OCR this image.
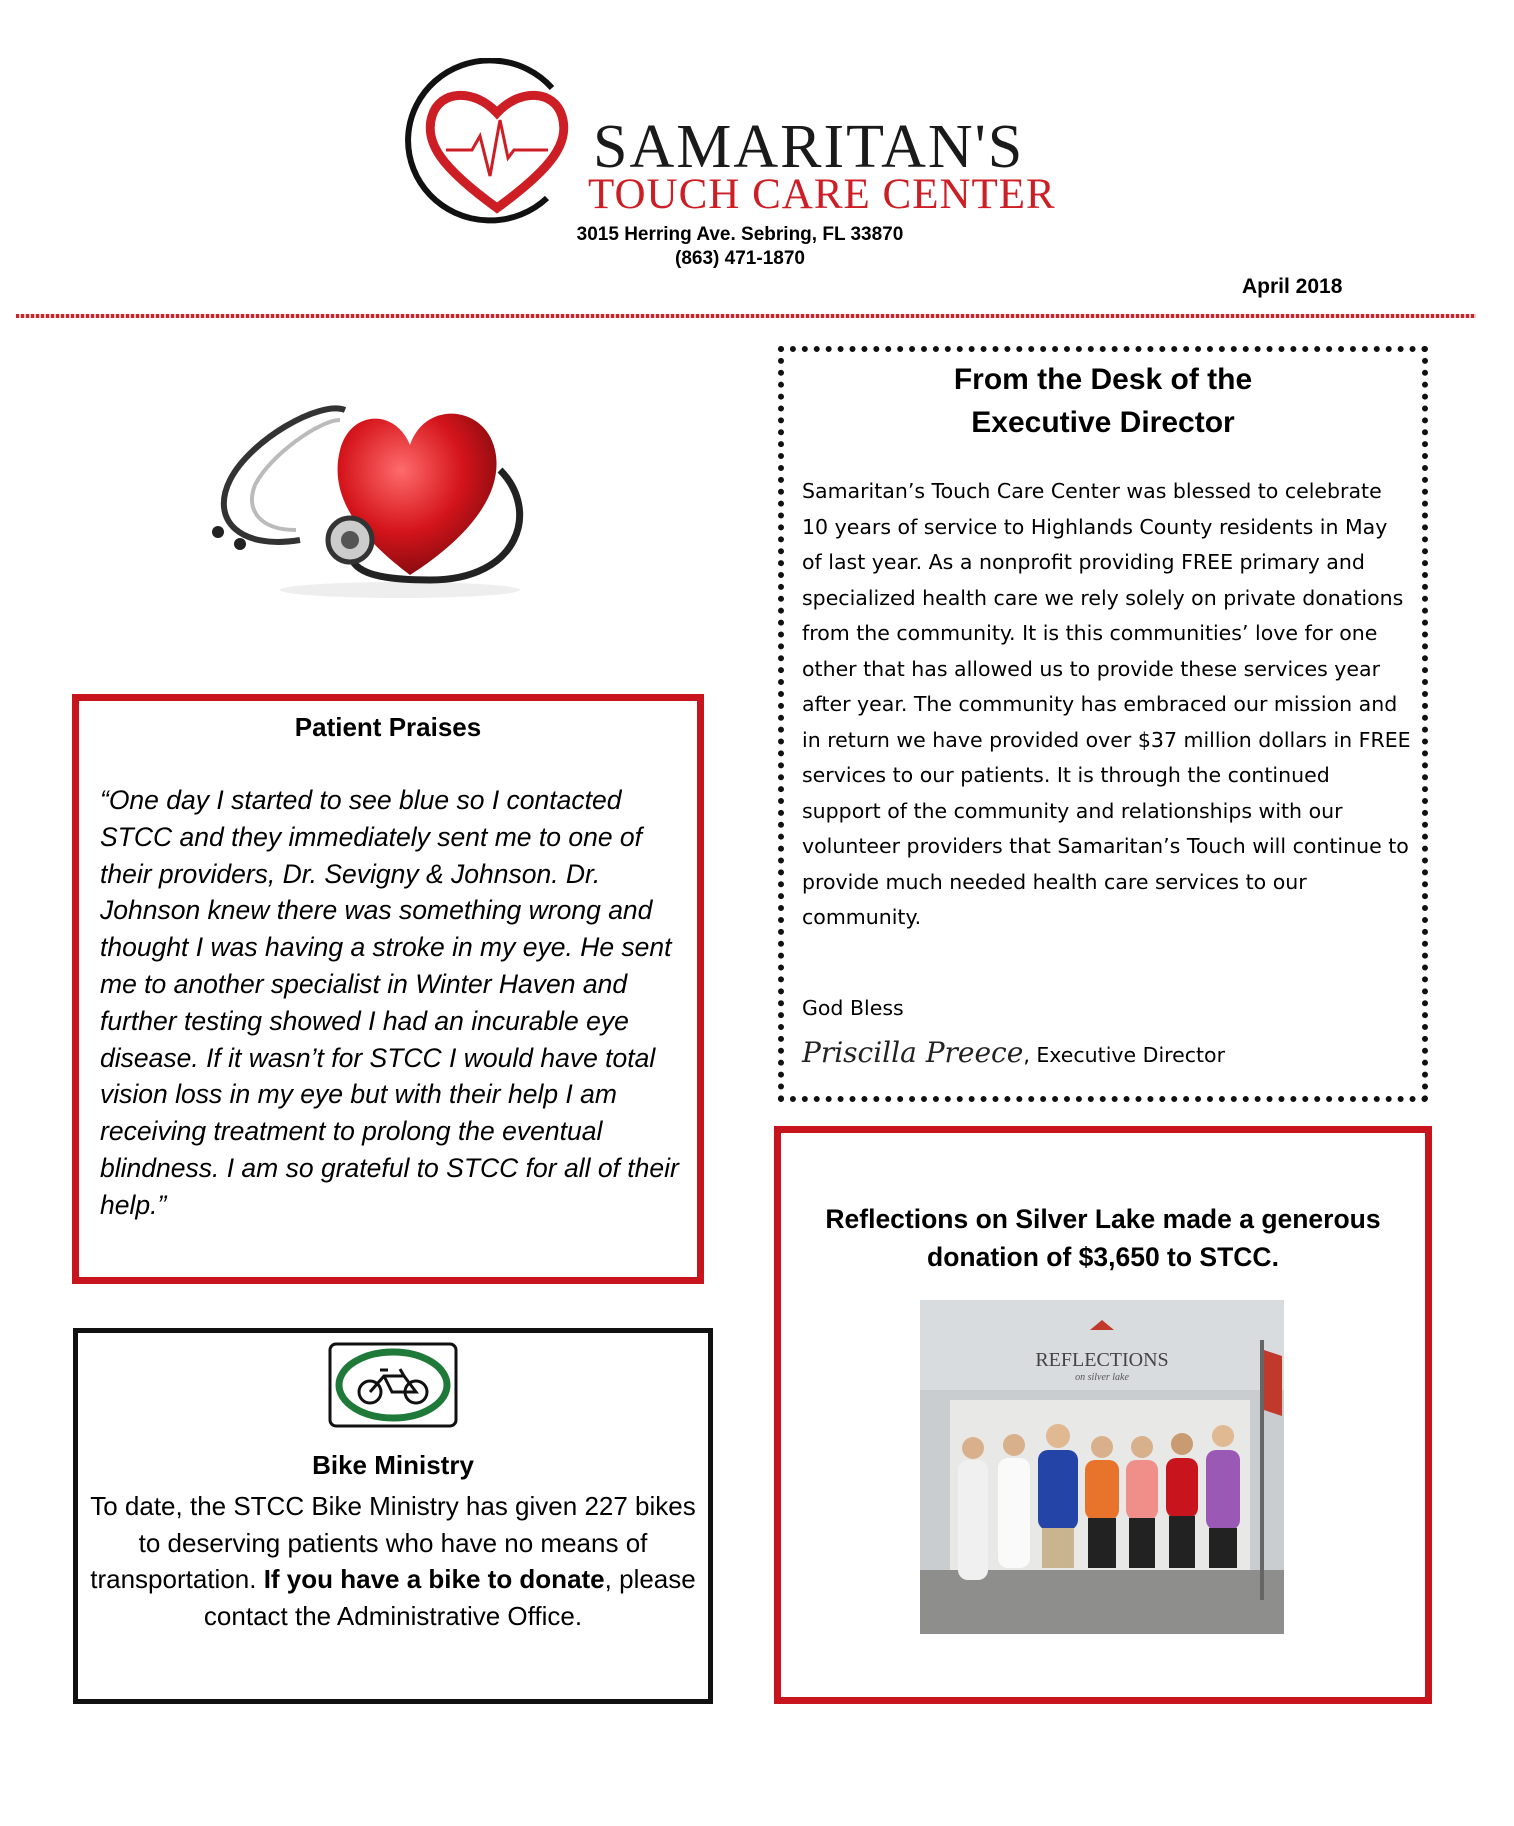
SAMARITAN'S
TOUCH CARE CENTER
3015 Herring Ave. Sebring, FL 33870
(863) 471-1870
April 2018
Patient Praises
“One day I started to see blue so I contacted STCC and they immediately sent me to one of their providers, Dr. Sevigny & Johnson. Dr. Johnson knew there was something wrong and thought I was having a stroke in my eye. He sent me to another specialist in Winter Haven and further testing showed I had an incurable eye disease. If it wasn’t for STCC I would have total vision loss in my eye but with their help I am receiving treatment to prolong the eventual blindness. I am so grateful to STCC for all of their help.”
Bike Ministry
To date, the STCC Bike Ministry has given 227 bikes to deserving patients who have no means of transportation. If you have a bike to donate, please contact the Administrative Office.
From the Desk of the
Executive Director
Samaritan’s Touch Care Center was blessed to celebrate 10 years of service to Highlands County residents in May of last year. As a nonprofit providing FREE primary and specialized health care we rely solely on private donations from the community. It is this communities’ love for one other that has allowed us to provide these services year after year. The community has embraced our mission and in return we have provided over $37 million dollars in FREE services to our patients. It is through the continued support of the community and relationships with our volunteer providers that Samaritan’s Touch will continue to provide much needed health care services to our community.
God Bless
Priscilla Preece, Executive Director
Reflections on Silver Lake made a generous donation of $3,650 to STCC.
REFLECTIONS
on silver lake
